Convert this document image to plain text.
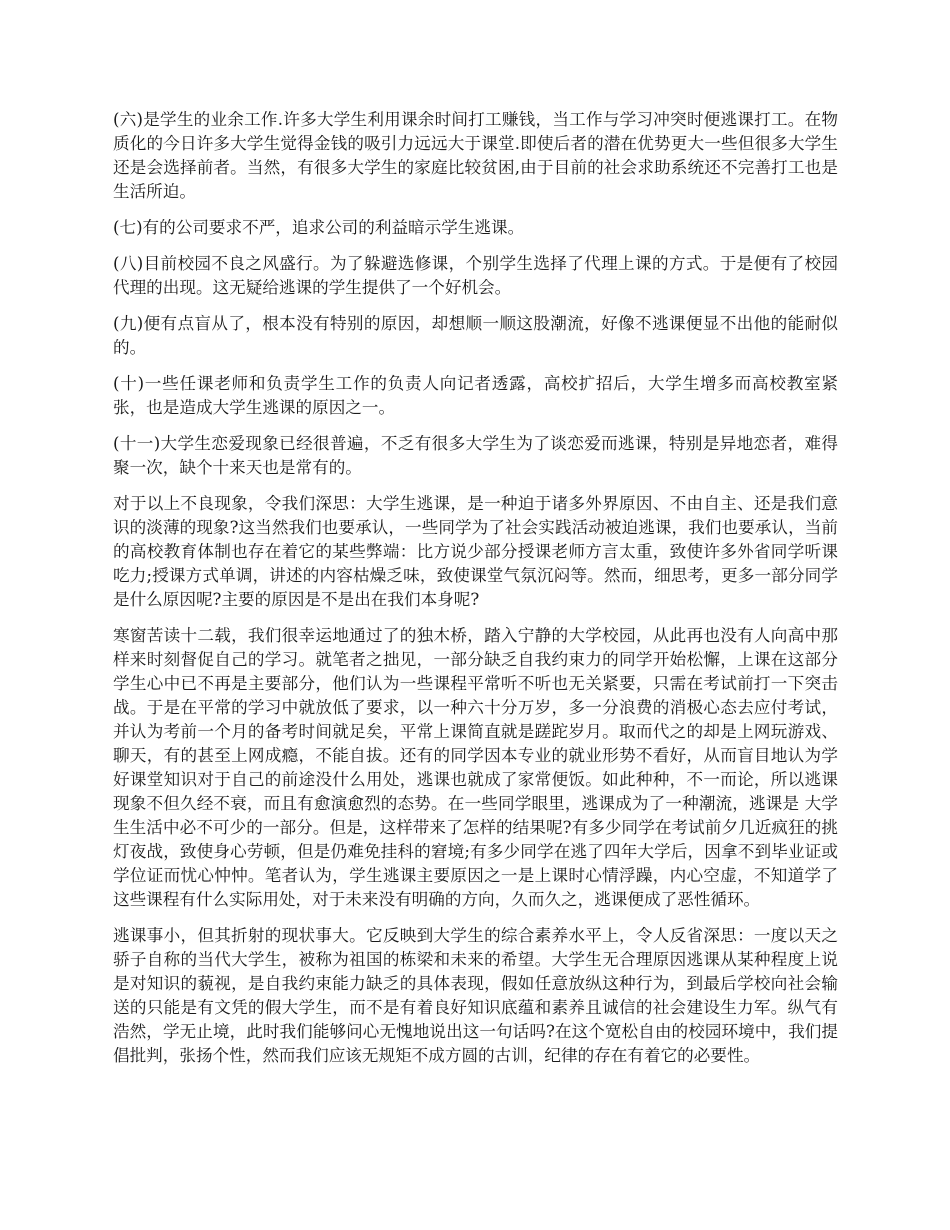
(六)是学生的业余工作.许多大学生利用课余时间打工赚钱，当工作与学习冲突时便逃课打工。在物质化的今日许多大学生觉得金钱的吸引力远远大于课堂.即使后者的潜在优势更大一些但很多大学生还是会选择前者。当然，有很多大学生的家庭比较贫困,由于目前的社会求助系统还不完善打工也是生活所迫。

(七)有的公司要求不严，追求公司的利益暗示学生逃课。

(八)目前校园不良之风盛行。为了躲避选修课，个别学生选择了代理上课的方式。于是便有了校园代理的出现。这无疑给逃课的学生提供了一个好机会。

(九)便有点盲从了，根本没有特别的原因，却想顺一顺这股潮流，好像不逃课便显不出他的能耐似的。

(十)一些任课老师和负责学生工作的负责人向记者透露，高校扩招后，大学生增多而高校教室紧张，也是造成大学生逃课的原因之一。

(十一)大学生恋爱现象已经很普遍，不乏有很多大学生为了谈恋爱而逃课，特别是异地恋者，难得聚一次，缺个十来天也是常有的。

对于以上不良现象，令我们深思：大学生逃课，是一种迫于诸多外界原因、不由自主、还是我们意识的淡薄的现象?这当然我们也要承认，一些同学为了社会实践活动被迫逃课，我们也要承认，当前的高校教育体制也存在着它的某些弊端：比方说少部分授课老师方言太重，致使许多外省同学听课吃力;授课方式单调，讲述的内容枯燥乏味，致使课堂气氛沉闷等。然而，细思考，更多一部分同学是什么原因呢?主要的原因是不是出在我们本身呢?

寒窗苦读十二载，我们很幸运地通过了的独木桥，踏入宁静的大学校园，从此再也没有人向高中那样来时刻督促自己的学习。就笔者之拙见，一部分缺乏自我约束力的同学开始松懈，上课在这部分学生心中已不再是主要部分，他们认为一些课程平常听不听也无关紧要，只需在考试前打一下突击战。于是在平常的学习中就放低了要求，以一种六十分万岁，多一分浪费的消极心态去应付考试，并认为考前一个月的备考时间就足矣，平常上课简直就是蹉跎岁月。取而代之的却是上网玩游戏、聊天，有的甚至上网成瘾，不能自拔。还有的同学因本专业的就业形势不看好，从而盲目地认为学好课堂知识对于自己的前途没什么用处，逃课也就成了家常便饭。如此种种，不一而论，所以逃课现象不但久经不衰，而且有愈演愈烈的态势。在一些同学眼里，逃课成为了一种潮流，逃课是 大学生生活中必不可少的一部分。但是，这样带来了怎样的结果呢?有多少同学在考试前夕几近疯狂的挑灯夜战，致使身心劳顿，但是仍难免挂科的窘境;有多少同学在逃了四年大学后，因拿不到毕业证或学位证而忧心忡忡。笔者认为，学生逃课主要原因之一是上课时心情浮躁，内心空虚，不知道学了这些课程有什么实际用处，对于未来没有明确的方向，久而久之，逃课便成了恶性循环。

逃课事小，但其折射的现状事大。它反映到大学生的综合素养水平上，令人反省深思：一度以天之骄子自称的当代大学生，被称为祖国的栋梁和未来的希望。大学生无合理原因逃课从某种程度上说是对知识的藐视，是自我约束能力缺乏的具体表现，假如任意放纵这种行为，到最后学校向社会输送的只能是有文凭的假大学生，而不是有着良好知识底蕴和素养且诚信的社会建设生力军。纵气有浩然，学无止境，此时我们能够问心无愧地说出这一句话吗?在这个宽松自由的校园环境中，我们提倡批判，张扬个性，然而我们应该无规矩不成方圆的古训，纪律的存在有着它的必要性。
